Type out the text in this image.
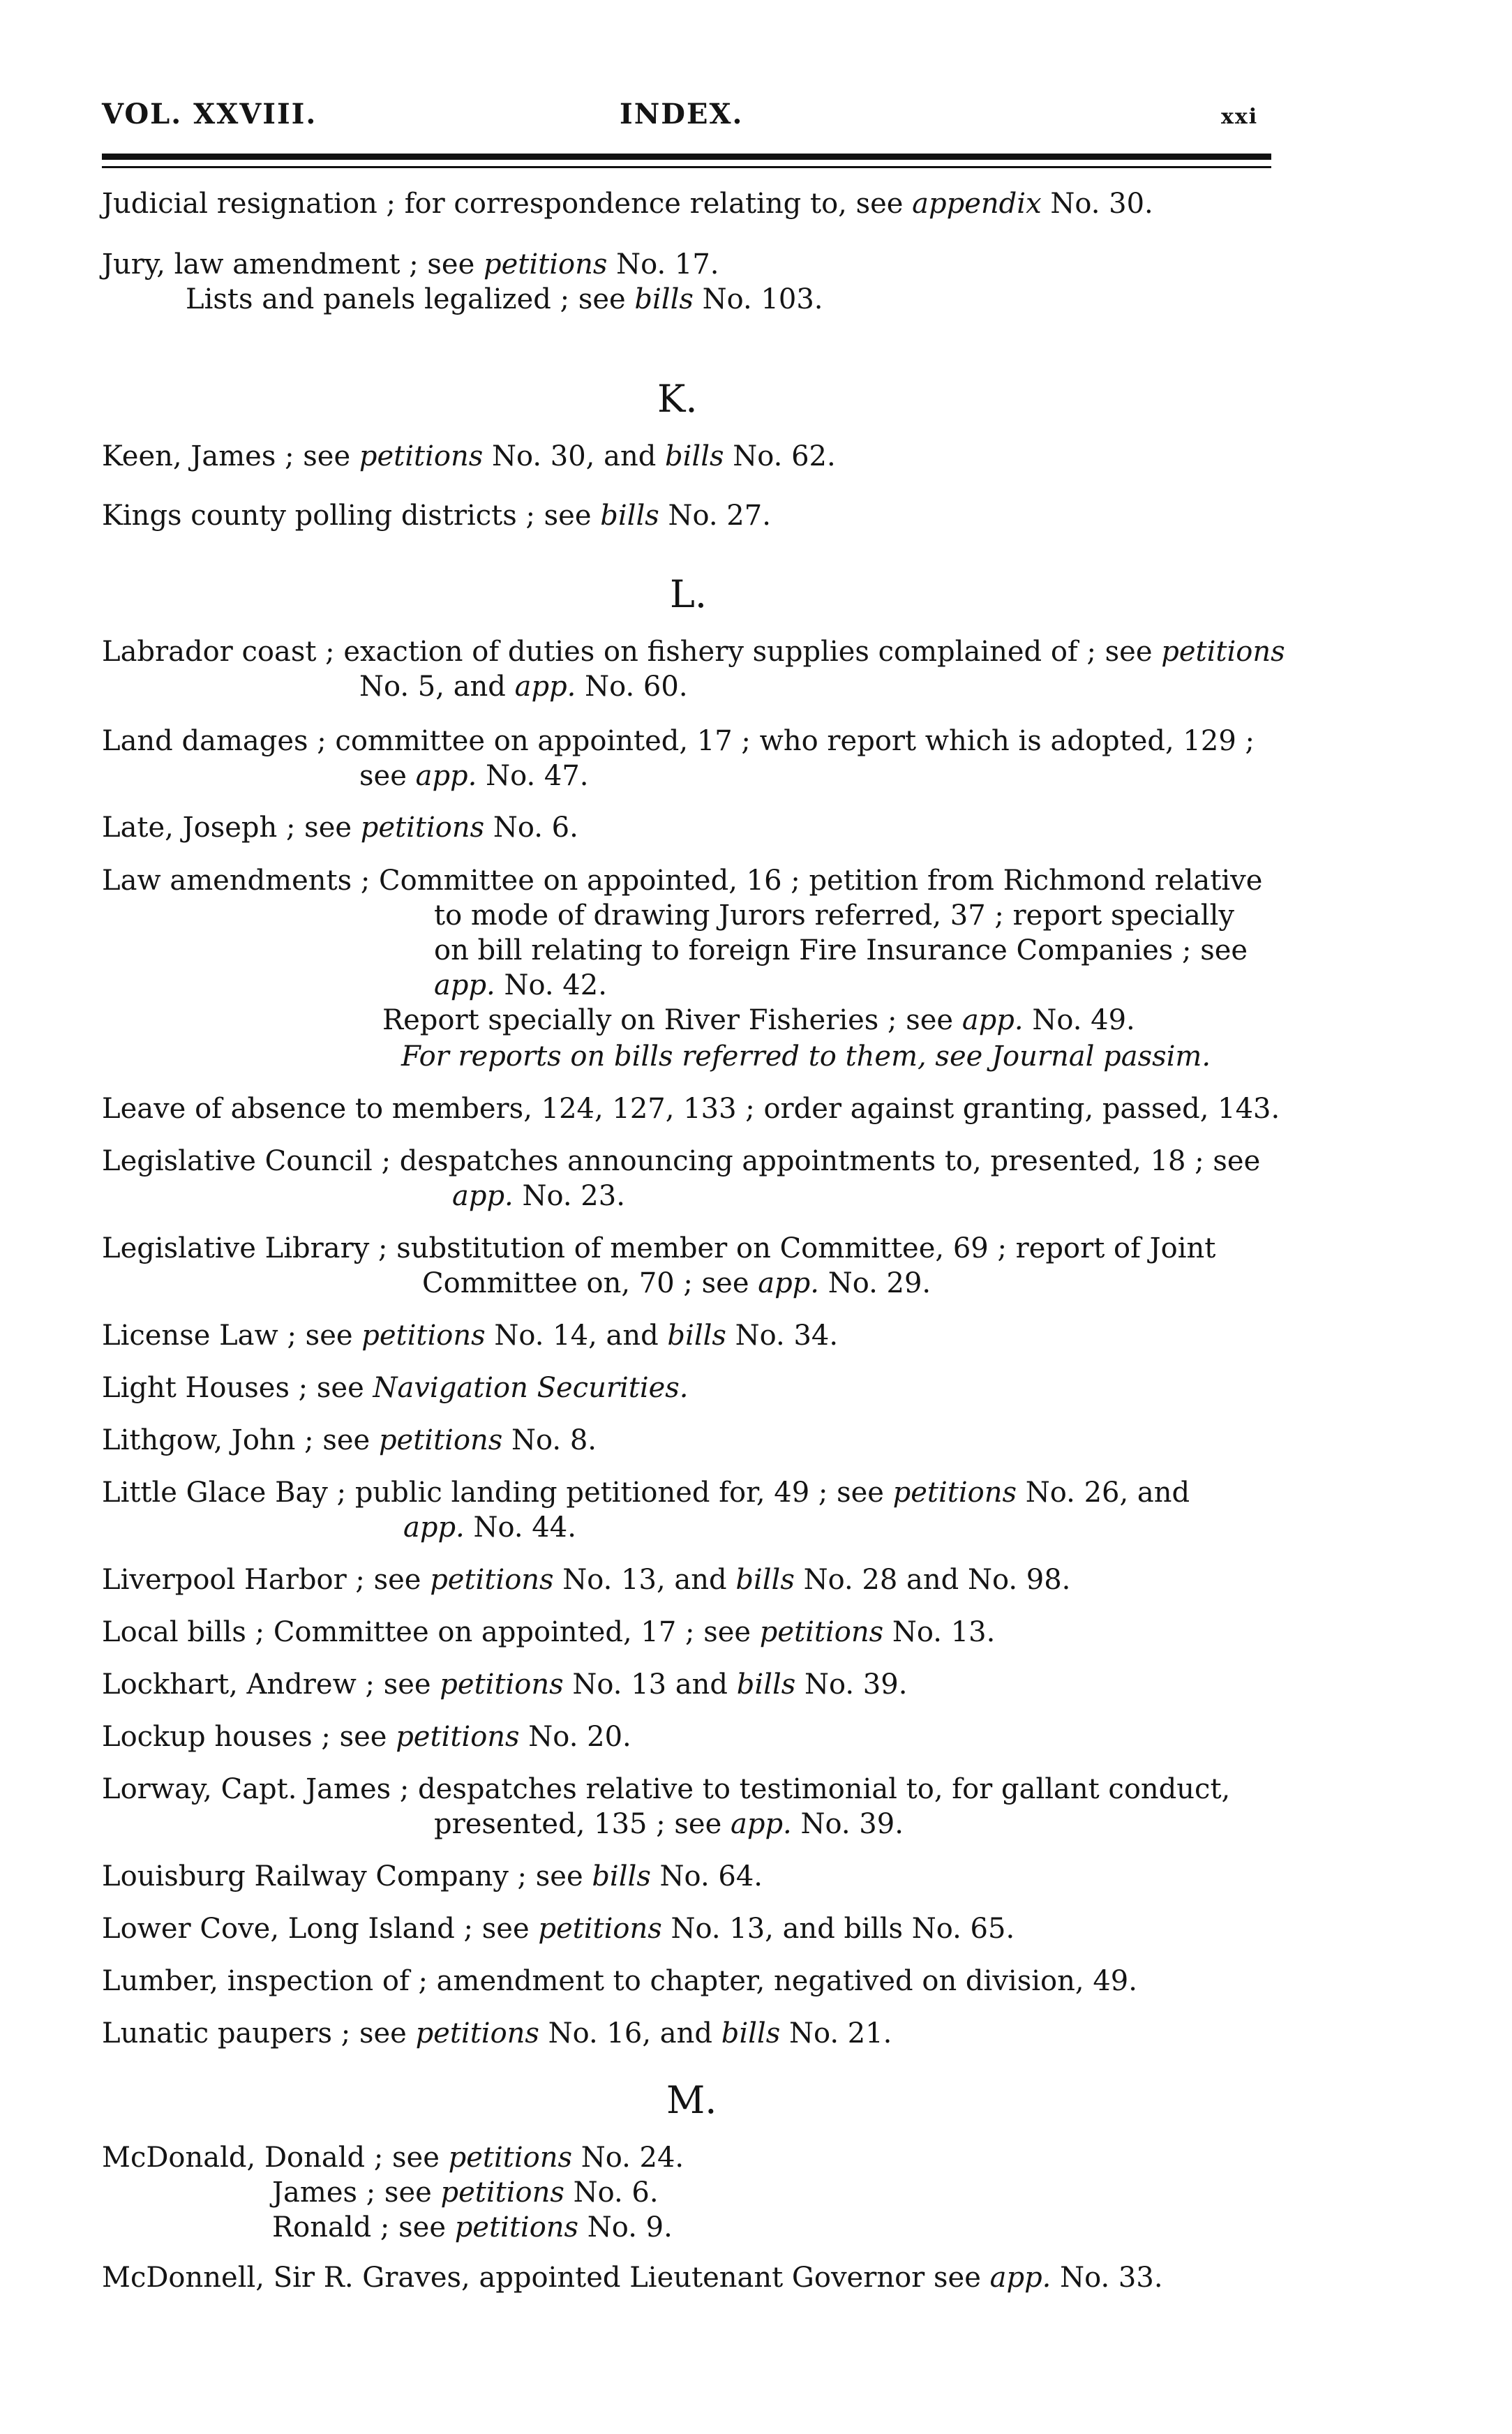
VOL. XXVIII.	INDEX.	xxi
Judicial resignation ; for correspondence relating to, see appendix No. 30.
Jury, law amendment ; see petitions No. 17.
Lists and panels legalized ; see bills No. 103.
Keen, James ; see petitions No. 30, and bills No. 62.
Kings county polling districts ; see bills No. 27.
Labrador coast ; exaction of duties on fishery supplies complained of ; see petitions
No. 5, and app. No. 60.
Land damages ; committee on appointed, 17 ; who report which is adopted, 129 ;
see app. No. 47.
Late, Joseph ; see petitions No. 6.
Law amendments ; Committee on appointed, 16 ; petition from Richmond relative
to mode of drawing Jurors referred, 37 ; report specially
on bill relating to foreign Fire Insurance Companies ; see
app. No. 42.
Report specially on River Fisheries ; see app. No. 49.
For reports on bills referred to them, see Journal passim.
Leave of absence to members, 124, 127, 133 ; order against granting, passed, 143.
Legislative Council ; despatches announcing appointments to, presented, 18 ; see
app. No. 23.
Legislative Library ; substitution of member on Committee, 69 ; report of Joint
Committee on, 70 ; see app. No. 29.
License Law ; see petitions No. 14, and bills No. 34.
Light Houses ; see Navigation Securities.
Lithgow, John ; see petitions No. 8.
Little Glace Bay ; public landing petitioned for, 49 ; see petitions No. 26, and
app. No. 44.
Liverpool Harbor ; see petitions No. 13, and bills No. 28 and No. 98.
Local bills ; Committee on appointed, 17 ; see petitions No. 13.
Lockhart, Andrew ; see petitions No. 13 and bills No. 39.
Lockup houses ; see petitions No. 20.
Lorway, Capt. James ; despatches relative to testimonial to, for gallant conduct,
presented, 135 ; see app. No. 39.
Louisburg Railway Company ; see bills No. 64.
Lower Cove, Long Island ; see petitions No. 13, and bills No. 65.
Lumber, inspection of ; amendment to chapter, negatived on division, 49.
Lunatic paupers ; see petitions No. 16, and bills No. 21.
McDonald, Donald ; see petitions No. 24.
James ; see petitions No. 6.
Ronald ; see petitions No. 9.
McDonnell, Sir R. Graves, appointed Lieutenant Governor see app. No. 33.
K.
L.
M.
